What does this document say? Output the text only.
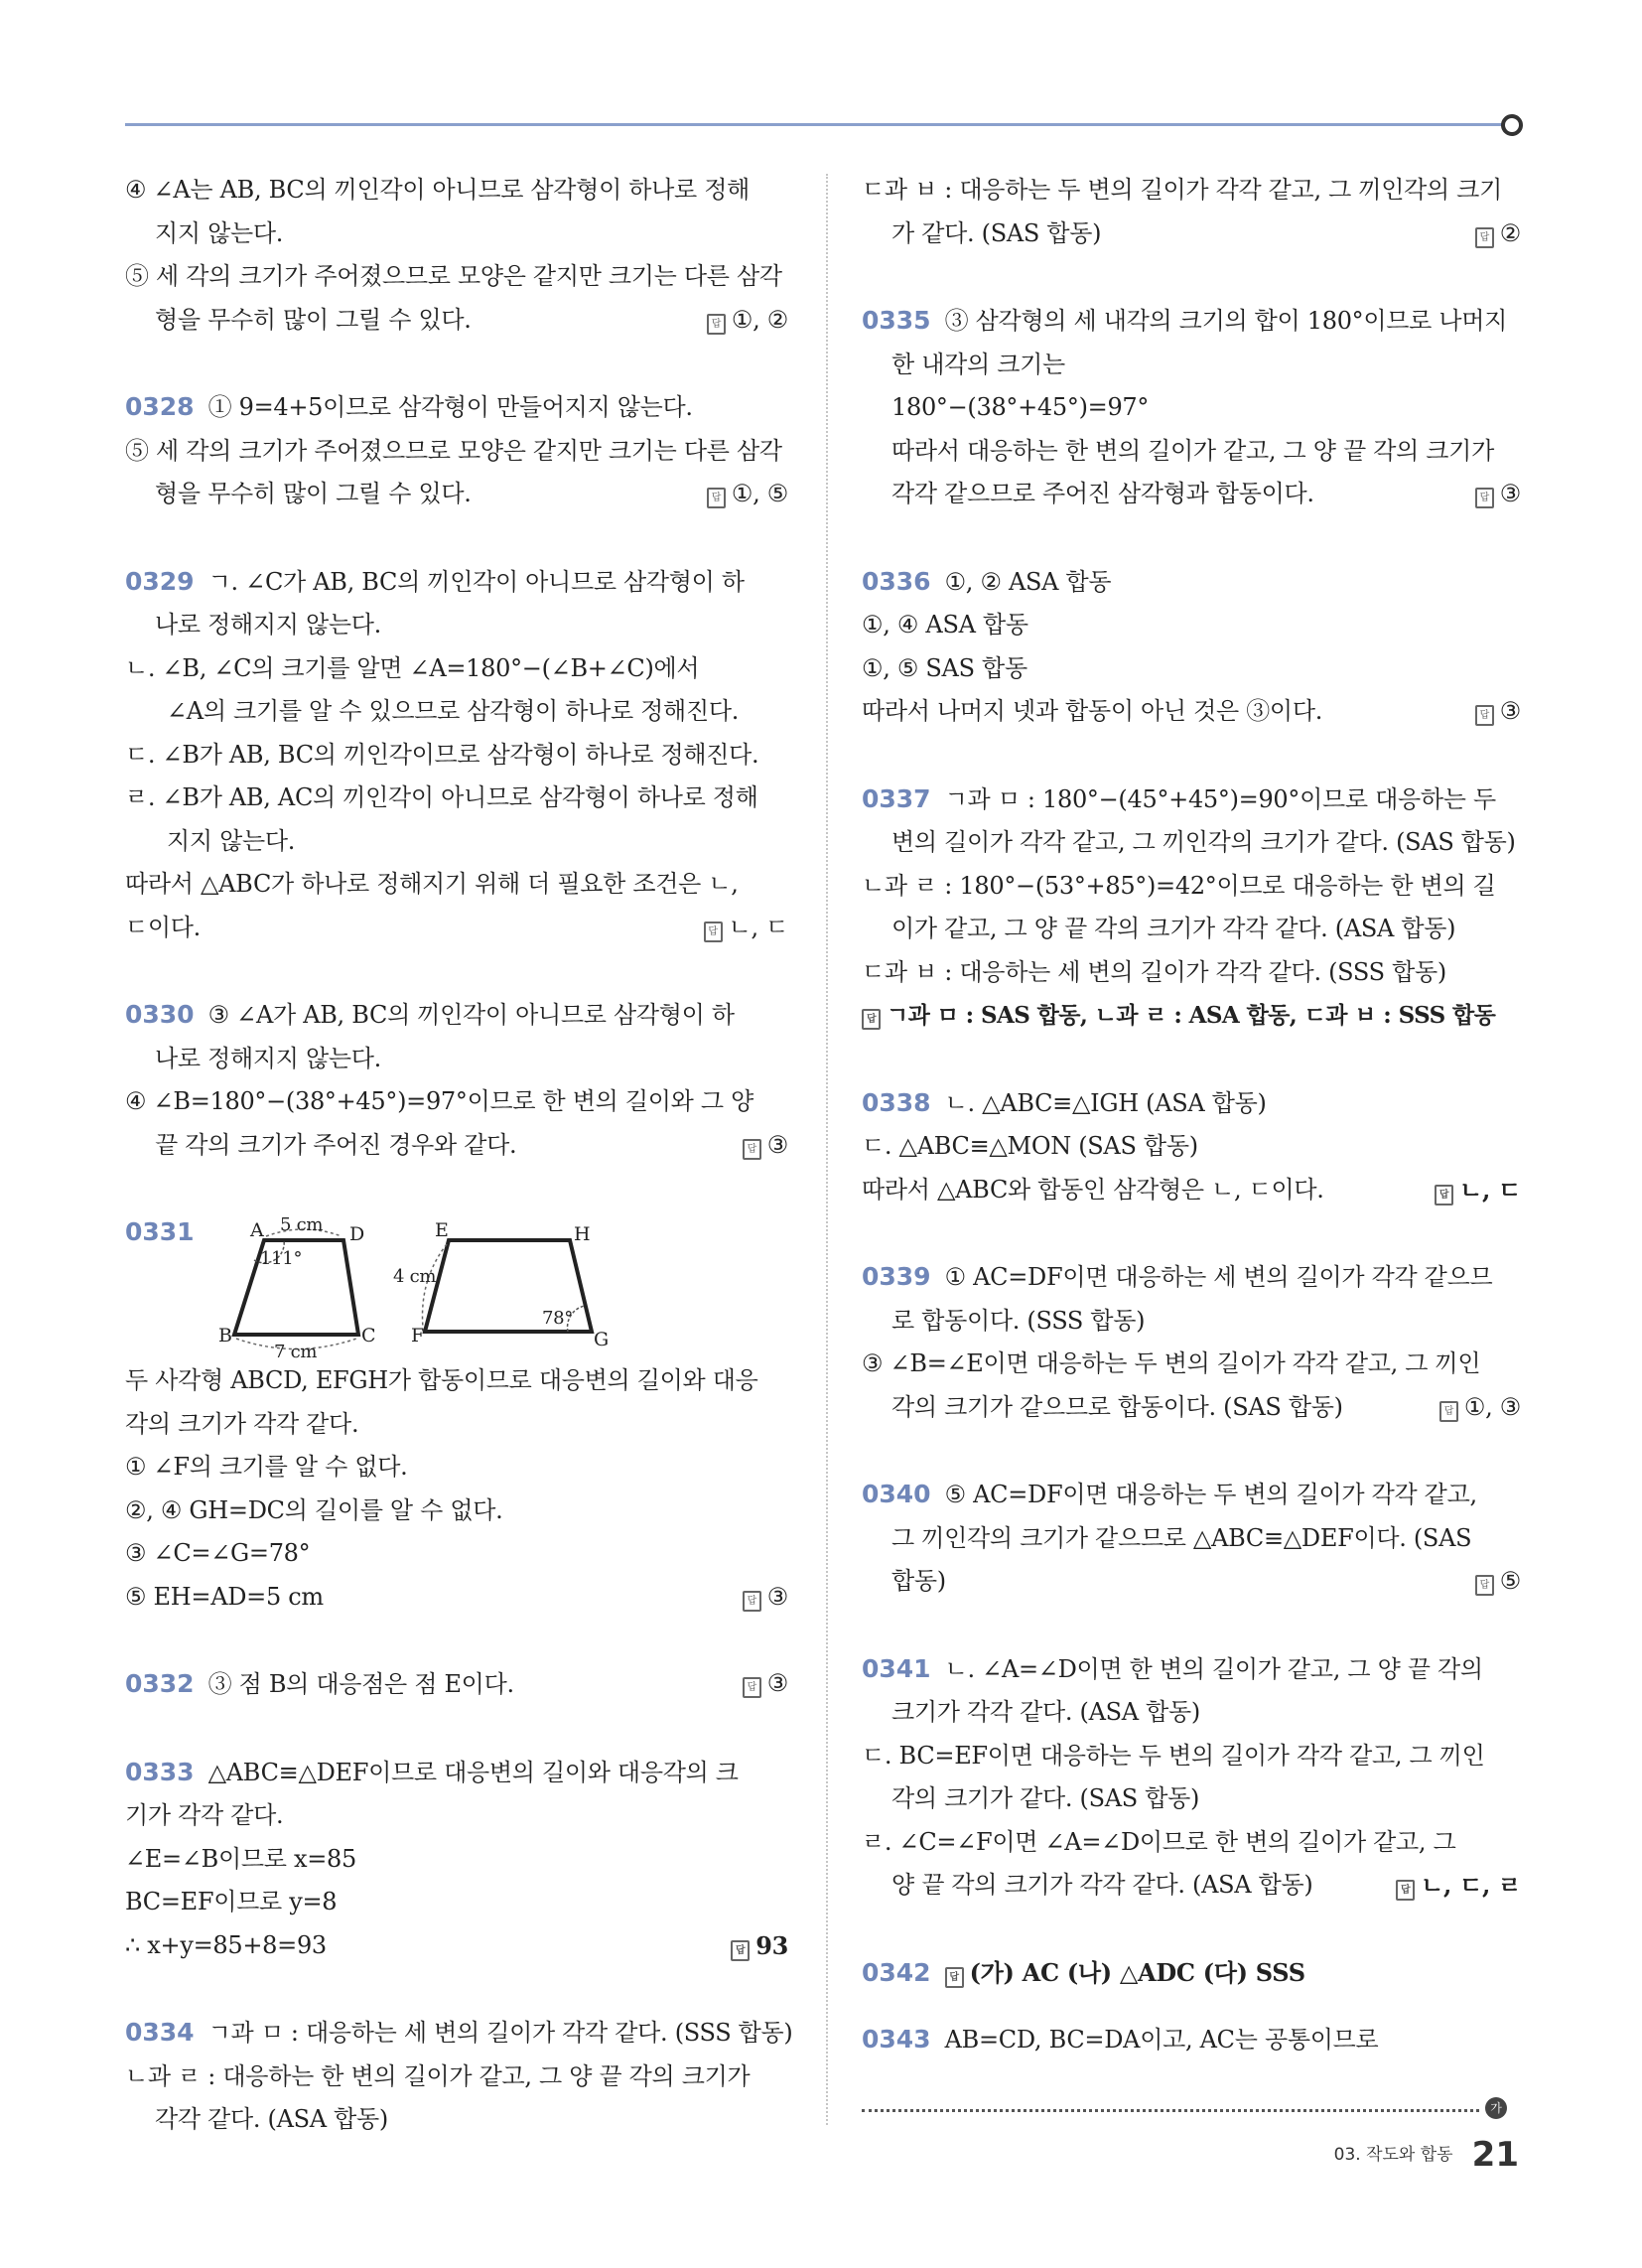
④ ∠A는 AB, BC의 끼인각이 아니므로 삼각형이 하나로 정해
지지 않는다.
⑤ 세 각의 크기가 주어졌으므로 모양은 같지만 크기는 다른 삼각
형을 무수히 많이 그릴 수 있다.	답 ①, ②
0328 ① 9=4+5이므로 삼각형이 만들어지지 않는다.
⑤ 세 각의 크기가 주어졌으므로 모양은 같지만 크기는 다른 삼각
형을 무수히 많이 그릴 수 있다.	답 ①, ⑤
0329 ㄱ. ∠C가 AB, BC의 끼인각이 아니므로 삼각형이 하
나로 정해지지 않는다.
ㄴ. ∠B, ∠C의 크기를 알면 ∠A=180°−(∠B+∠C)에서
∠A의 크기를 알 수 있으므로 삼각형이 하나로 정해진다.
ㄷ. ∠B가 AB, BC의 끼인각이므로 삼각형이 하나로 정해진다.
ㄹ. ∠B가 AB, AC의 끼인각이 아니므로 삼각형이 하나로 정해
지지 않는다.
따라서 △ABC가 하나로 정해지기 위해 더 필요한 조건은 ㄴ,
ㄷ이다.	답 ㄴ, ㄷ
0330 ③ ∠A가 AB, BC의 끼인각이 아니므로 삼각형이 하
나로 정해지지 않는다.
④ ∠B=180°−(38°+45°)=97°이므로 한 변의 길이와 그 양
끝 각의 크기가 주어진 경우와 같다.	답 ③
0331	A	D
B	C
5 cm
7 cm
111°
E	H
F	G
4 cm
78°
두 사각형 ABCD, EFGH가 합동이므로 대응변의 길이와 대응
각의 크기가 각각 같다.
① ∠F의 크기를 알 수 없다.
②, ④ GH=DC의 길이를 알 수 없다.
③ ∠C=∠G=78°
⑤ EH=AD=5 cm	답 ③
0332 ③ 점 B의 대응점은 점 E이다.	답 ③
0333 △ABC≡△DEF이므로 대응변의 길이와 대응각의 크
기가 각각 같다.
∠E=∠B이므로 x=85
BC=EF이므로 y=8
∴ x+y=85+8=93	답 93
0334 ㄱ과 ㅁ : 대응하는 세 변의 길이가 각각 같다. (SSS 합동)
ㄴ과 ㄹ : 대응하는 한 변의 길이가 같고, 그 양 끝 각의 크기가
각각 같다. (ASA 합동)
ㄷ과 ㅂ : 대응하는 두 변의 길이가 각각 같고, 그 끼인각의 크기
가 같다. (SAS 합동)	답 ②
0335 ③ 삼각형의 세 내각의 크기의 합이 180°이므로 나머지
한 내각의 크기는
180°−(38°+45°)=97°
따라서 대응하는 한 변의 길이가 같고, 그 양 끝 각의 크기가
각각 같으므로 주어진 삼각형과 합동이다.	답 ③
0336 ①, ② ASA 합동
①, ④ ASA 합동
①, ⑤ SAS 합동
따라서 나머지 넷과 합동이 아닌 것은 ③이다.	답 ③
0337 ㄱ과 ㅁ : 180°−(45°+45°)=90°이므로 대응하는 두
변의 길이가 각각 같고, 그 끼인각의 크기가 같다. (SAS 합동)
ㄴ과 ㄹ : 180°−(53°+85°)=42°이므로 대응하는 한 변의 길
이가 같고, 그 양 끝 각의 크기가 각각 같다. (ASA 합동)
ㄷ과 ㅂ : 대응하는 세 변의 길이가 각각 같다. (SSS 합동)
답 ㄱ과 ㅁ : SAS 합동, ㄴ과 ㄹ : ASA 합동, ㄷ과 ㅂ : SSS 합동
0338 ㄴ. △ABC≡△IGH (ASA 합동)
ㄷ. △ABC≡△MON (SAS 합동)
따라서 △ABC와 합동인 삼각형은 ㄴ, ㄷ이다.	답 ㄴ, ㄷ
0339 ① AC=DF이면 대응하는 세 변의 길이가 각각 같으므
로 합동이다. (SSS 합동)
③ ∠B=∠E이면 대응하는 두 변의 길이가 각각 같고, 그 끼인
각의 크기가 같으므로 합동이다. (SAS 합동)	답 ①, ③
0340 ⑤ AC=DF이면 대응하는 두 변의 길이가 각각 같고,
그 끼인각의 크기가 같으므로 △ABC≡△DEF이다. (SAS
합동)	답 ⑤
0341 ㄴ. ∠A=∠D이면 한 변의 길이가 같고, 그 양 끝 각의
크기가 각각 같다. (ASA 합동)
ㄷ. BC=EF이면 대응하는 두 변의 길이가 각각 같고, 그 끼인
각의 크기가 같다. (SAS 합동)
ㄹ. ∠C=∠F이면 ∠A=∠D이므로 한 변의 길이가 같고, 그
양 끝 각의 크기가 각각 같다. (ASA 합동)	답 ㄴ, ㄷ, ㄹ
0342 답 (가) AC (나) △ADC (다) SSS
0343 AB=CD, BC=DA이고, AC는 공통이므로
가
03. 작도와 합동 21
